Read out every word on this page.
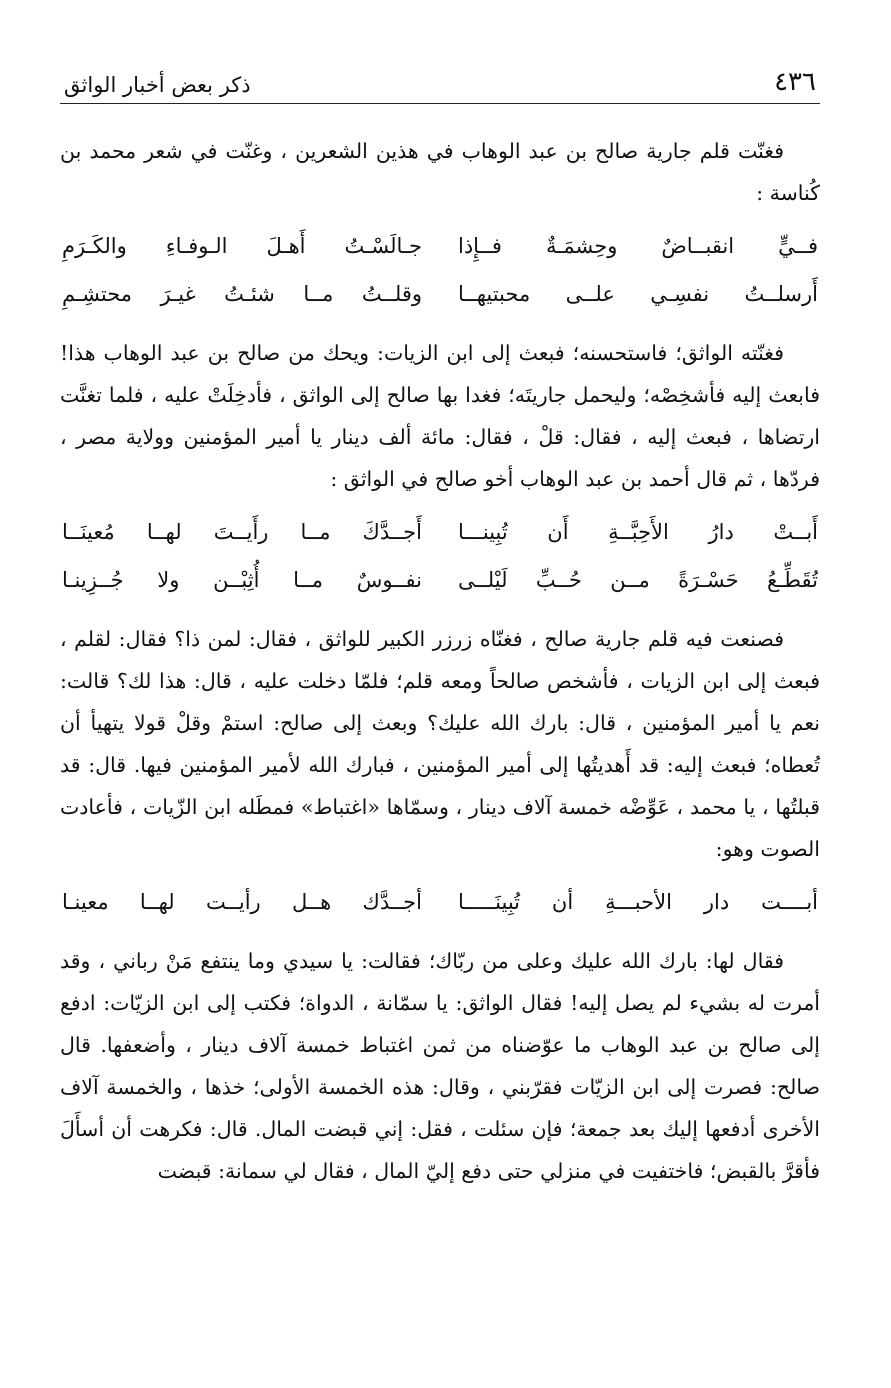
٤٣٦
ذكر بعض أخبار الواثق

فغنّت قلم جارية صالح بن عبد الوهاب في هذين الشعرين ، وغنّت في شعر محمد بن كُناسة :

فــيٍّ انقبــاضٌ وحِشمَـةٌ فــإِذا
جـالَسْـتُ أَهـلَ الـوفـاءِ والكَـرَمِ
أَرسلــتُ نفسِـي علــى محبتيهــا
وقلــتُ مــا شئـتُ غيـرَ محتشِـمِ

فغنّته الواثق؛ فاستحسنه؛ فبعث إلى ابن الزيات: ويحك من صالح بن عبد الوهاب هذا! فابعث إليه فأشخِصْه؛ وليحمل جاريتَه؛ فغدا بها صالح إلى الواثق ، فأدخِلَتْ عليه ، فلما تغنَّت ارتضاها ، فبعث إليه ، فقال: قلْ ، فقال: مائة ألف دينار يا أمير المؤمنين وولاية مصر ، فردّها ، ثم قال أحمد بن عبد الوهاب أخو صالح في الواثق :

أَبــتْ دارُ الأَحِبَّــةِ أَن تُبِينـــا
أَجــدَّكَ مــا رأَيــتَ لهــا مُعينَــا
تُقَطِّـعُ حَسْـرَةً مــن حُــبِّ لَيْلــى
نفــوسٌ مــا أُثِبْــن ولا جُــزِينـا

فصنعت فيه قلم جارية صالح ، فغنّاه زرزر الكبير للواثق ، فقال: لمن ذا؟ فقال: لقلم ، فبعث إلى ابن الزيات ، فأشخص صالحاً ومعه قلم؛ فلمّا دخلت عليه ، قال: هذا لك؟ قالت: نعم يا أمير المؤمنين ، قال: بارك الله عليك؟ وبعث إلى صالح: استمْ وقلْ قولا يتهيأ أن تُعطاه؛ فبعث إليه: قد أَهديتُها إلى أمير المؤمنين ، فبارك الله لأمير المؤمنين فيها. قال: قد قبلتُها ، يا محمد ، عَوِّضْه خمسة آلاف دينار ، وسمّاها «اغتباط» فمطَله ابن الزّيات ، فأعادت الصوت وهو:

أبــــت دار الأحبـــةِ أن تُبِينَـــــا
أجــدَّك هــل رأيــت لهــا معينـا

فقال لها: بارك الله عليك وعلى من ربّاك؛ فقالت: يا سيدي وما ينتفع مَنْ رباني ، وقد أمرت له بشيء لم يصل إليه! فقال الواثق: يا سمّانة ، الدواة؛ فكتب إلى ابن الزيّات: ادفع إلى صالح بن عبد الوهاب ما عوّضناه من ثمن اغتباط خمسة آلاف دينار ، وأضعفها. قال صالح: فصرت إلى ابن الزيّات فقرّبني ، وقال: هذه الخمسة الأولى؛ خذها ، والخمسة آلاف الأخرى أدفعها إليك بعد جمعة؛ فإن سئلت ، فقل: إني قبضت المال. قال: فكرهت أن أسأَلَ فأقرَّ بالقبض؛ فاختفيت في منزلي حتى دفع إليّ المال ، فقال لي سمانة: قبضت
